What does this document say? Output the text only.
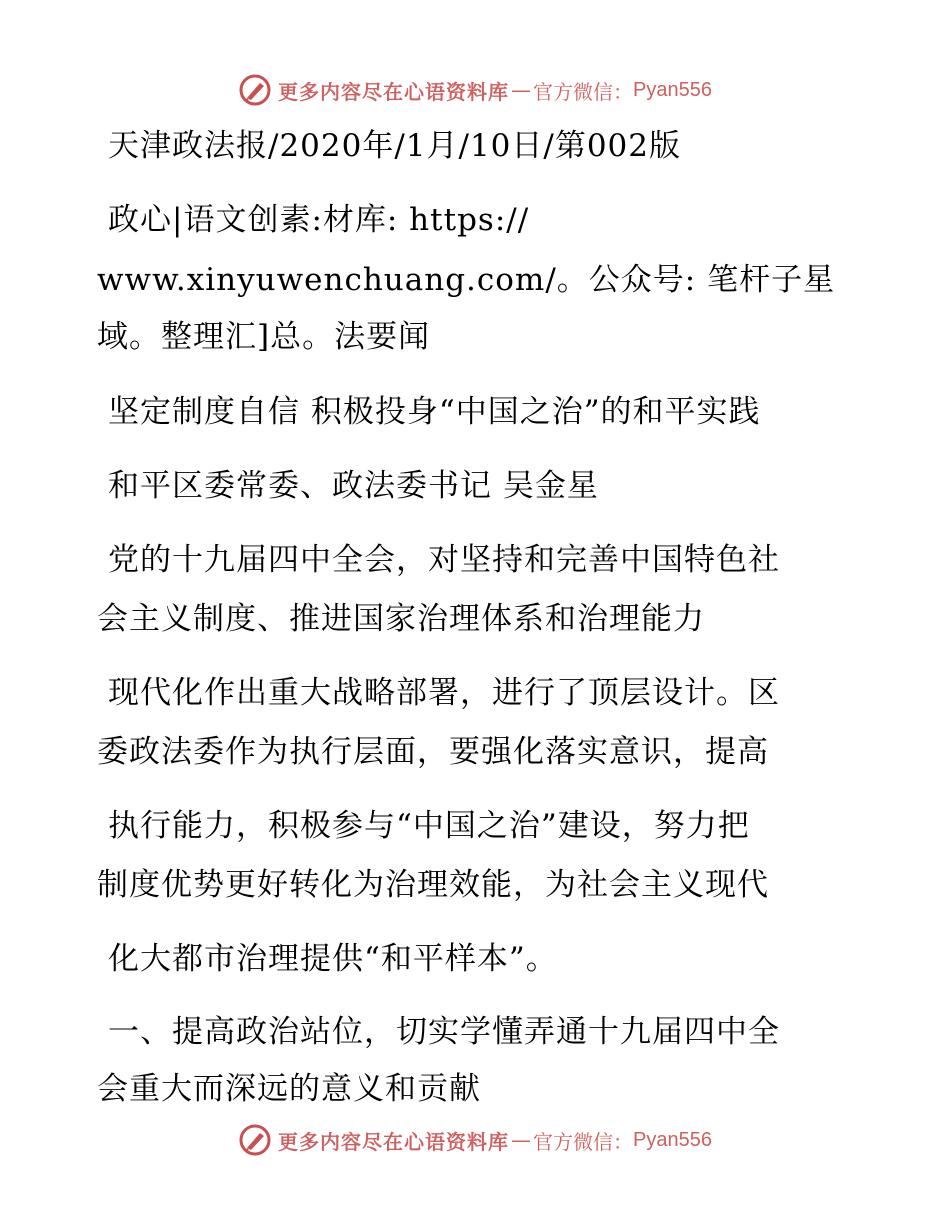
更多内容尽在心语资料库 — 官方微信： Pyan556
天津政法报/2020年/1月/10日/第002版
政心|语文创素:材库: https://
www.xinyuwenchuang.com/。公众号: 笔杆子星
域。整理汇]总。法要闻
坚定制度自信 积极投身“中国之治”的和平实践
和平区委常委、政法委书记 吴金星
党的十九届四中全会，对坚持和完善中国特色社
会主义制度、推进国家治理体系和治理能力
现代化作出重大战略部署，进行了顶层设计。区
委政法委作为执行层面，要强化落实意识，提高
执行能力，积极参与“中国之治”建设，努力把
制度优势更好转化为治理效能，为社会主义现代
化大都市治理提供“和平样本”。
一、提高政治站位，切实学懂弄通十九届四中全
会重大而深远的意义和贡献
更多内容尽在心语资料库 — 官方微信： Pyan556
